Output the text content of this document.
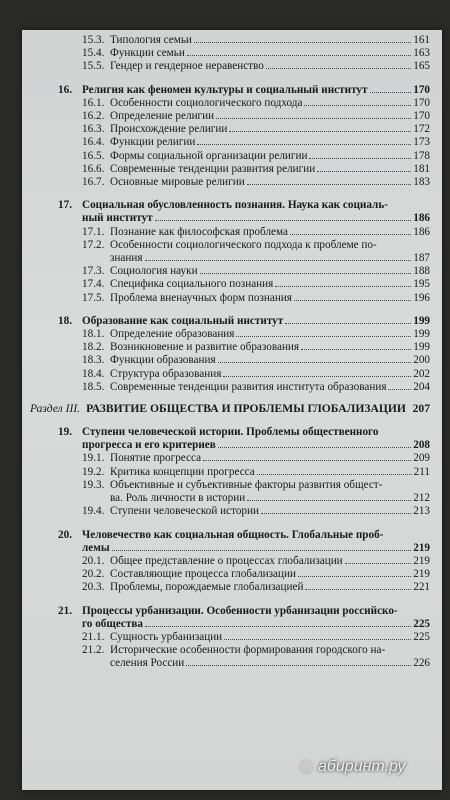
15.3. Типология семьи	161
15.4. Функции семьи	163
15.5. Гендер и гендерное неравенство	165
16. Религия как феномен культуры и социальный институт	170
16.1. Особенности социологического подхода	170
16.2. Определение религии	170
16.3. Происхождение религии	172
16.4. Функции религии	173
16.5. Формы социальной организации религии	178
16.6. Современные тенденции развития религии	181
16.7. Основные мировые религии	183
17. Социальная обусловленность познания. Наука как социаль-
ный институт	186
17.1. Познание как философская проблема	186
17.2. Особенности социологического подхода к проблеме по-
знания	187
17.3. Социология науки	188
17.4. Специфика социального познания	195
17.5. Проблема вненаучных форм познания	196
18. Образование как социальный институт	199
18.1. Определение образования	199
18.2. Возникновение и развитие образования	199
18.3. Функции образования	200
18.4. Структура образования	202
18.5. Современные тенденции развития института образования 204
Раздел III. РАЗВИТИЕ ОБЩЕСТВА И ПРОБЛЕМЫ ГЛОБАЛИЗАЦИИ 207
19. Ступени человеческой истории. Проблемы общественного
прогресса и его критериев	208
19.1. Понятие прогресса	209
19.2. Критика концепции прогресса	211
19.3. Объективные и субъективные факторы развития общест-
ва. Роль личности в истории	212
19.4. Ступени человеческой истории	213
20. Человечество как социальная общность. Глобальные проб-
лемы	219
20.1. Общее представление о процессах глобализации	219
20.2. Составляющие процесса глобализации	219
20.3. Проблемы, порождаемые глобализацией	221
21. Процессы урбанизации. Особенности урбанизации российско-
го общества	225
21.1. Сущность урбанизации	225
21.2. Исторические особенности формирования городского на-
селения России	226
абиринт.ру
